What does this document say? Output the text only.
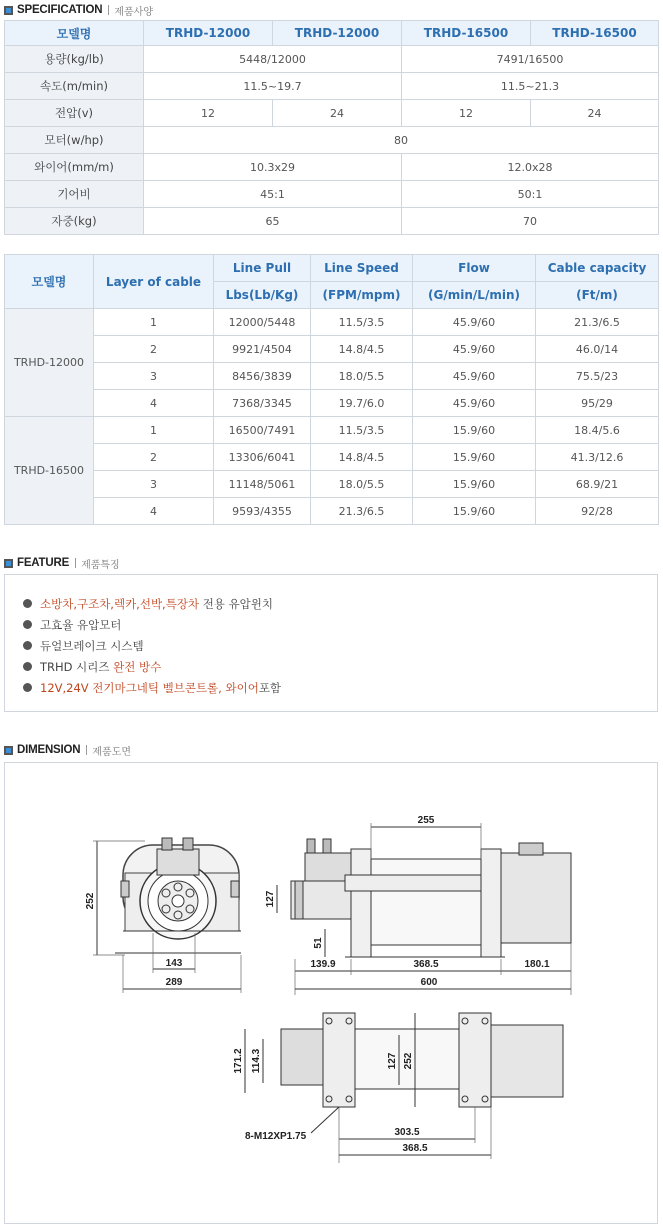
SPECIFICATION 제품사양
모델명	TRHD-12000	TRHD-12000	TRHD-16500	TRHD-16500
용량(kg/lb)	5448/12000		7491/16500	
속도(m/min)	11.5~19.7		11.5~21.3	
전압(v)	12	24	12	24
모터(w/hp)	80			
와이어(mm/m)	10.3x29		12.0x28	
기어비	45:1		50:1	
자중(kg)	65		70	
모델명	Layer of cable	Line Pull	Line Speed	Flow	Cable capacity
		Lbs(Lb/Kg)	(FPM/mpm)	(G/min/L/min)	(Ft/m)
TRHD-12000	1	12000/5448	11.5/3.5	45.9/60	21.3/6.5
	2	9921/4504	14.8/4.5	45.9/60	46.0/14
	3	8456/3839	18.0/5.5	45.9/60	75.5/23
	4	7368/3345	19.7/6.0	45.9/60	95/29
TRHD-16500	1	16500/7491	11.5/3.5	15.9/60	18.4/5.6
	2	13306/6041	14.8/4.5	15.9/60	41.3/12.6
	3	11148/5061	18.0/5.5	15.9/60	68.9/21
	4	9593/4355	21.3/6.5	15.9/60	92/28
FEATURE 제품특징
소방차,구조차,렉카,선박,특장차 전용 유압윈치
고효율 유압모터
듀얼브레이크 시스템
TRHD 시리즈 완전 방수
12V,24V 전기마그네틱 벨브콘트롤, 와이어 포함
DIMENSION 제품도면
252
143
289
255
127
51
139.9	368.5	180.1
600
171.2 114.3	127 252
303.5
368.5
8-M12XP1.75
